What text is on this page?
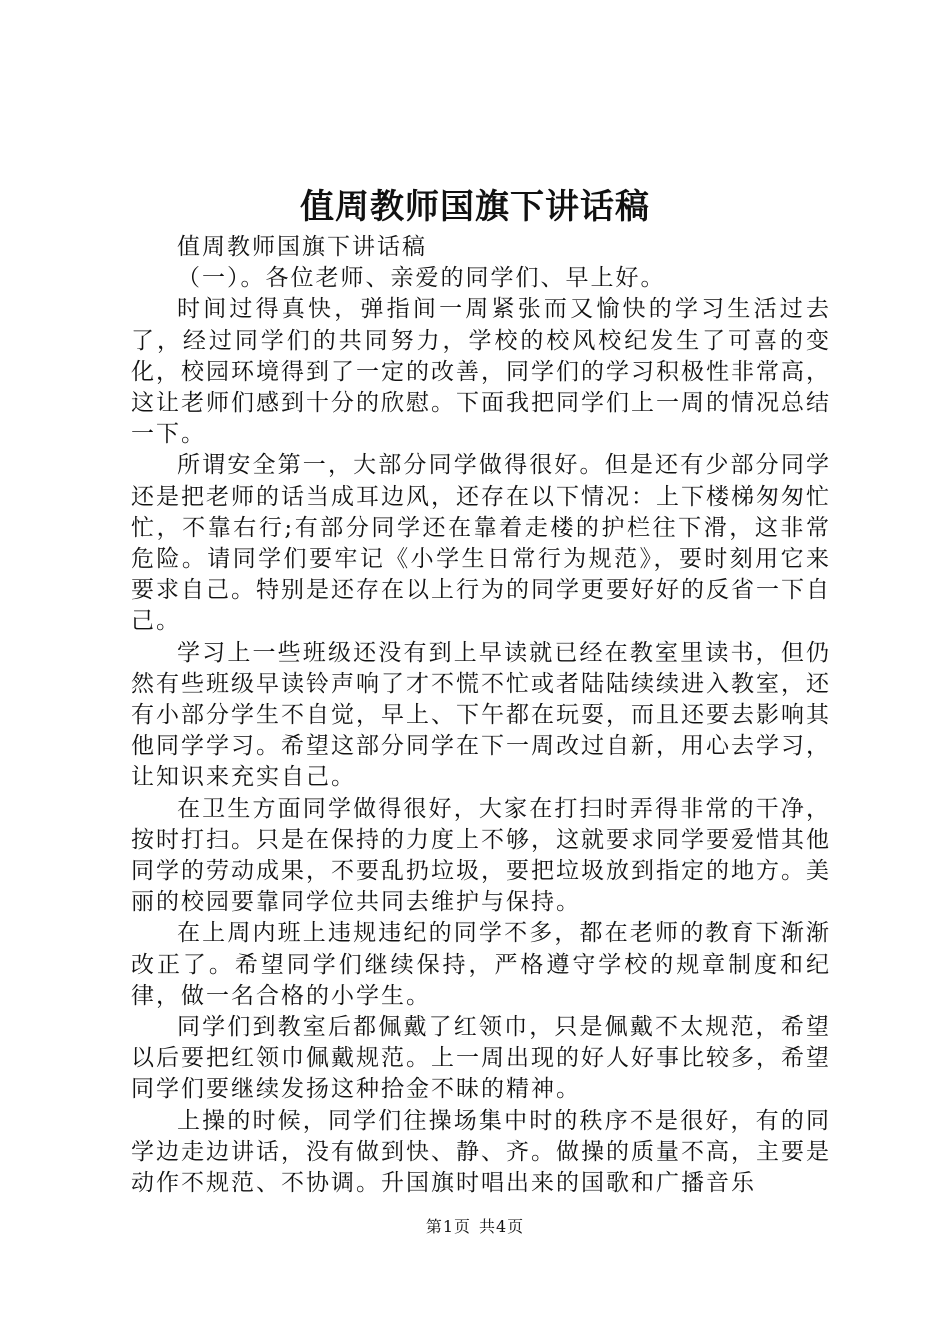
值周教师国旗下讲话稿

值周教师国旗下讲话稿

（一）。各位老师、亲爱的同学们、早上好。

时间过得真快，弹指间一周紧张而又愉快的学习生活过去了，经过同学们的共同努力，学校的校风校纪发生了可喜的变化，校园环境得到了一定的改善，同学们的学习积极性非常高，这让老师们感到十分的欣慰。下面我把同学们上一周的情况总结一下。

所谓安全第一，大部分同学做得很好。但是还有少部分同学还是把老师的话当成耳边风，还存在以下情况：上下楼梯匆匆忙忙，不靠右行;有部分同学还在靠着走楼的护栏往下滑，这非常危险。请同学们要牢记《小学生日常行为规范》，要时刻用它来要求自己。特别是还存在以上行为的同学更要好好的反省一下自己。

学习上一些班级还没有到上早读就已经在教室里读书，但仍然有些班级早读铃声响了才不慌不忙或者陆陆续续进入教室，还有小部分学生不自觉，早上、下午都在玩耍，而且还要去影响其他同学学习。希望这部分同学在下一周改过自新，用心去学习，让知识来充实自己。

在卫生方面同学做得很好，大家在打扫时弄得非常的干净，按时打扫。只是在保持的力度上不够，这就要求同学要爱惜其他同学的劳动成果，不要乱扔垃圾，要把垃圾放到指定的地方。美丽的校园要靠同学位共同去维护与保持。

在上周内班上违规违纪的同学不多，都在老师的教育下渐渐改正了。希望同学们继续保持，严格遵守学校的规章制度和纪律，做一名合格的小学生。

同学们到教室后都佩戴了红领巾，只是佩戴不太规范，希望以后要把红领巾佩戴规范。上一周出现的好人好事比较多，希望同学们要继续发扬这种拾金不昧的精神。

上操的时候，同学们往操场集中时的秩序不是很好，有的同学边走边讲话，没有做到快、静、齐。做操的质量不高，主要是动作不规范、不协调。升国旗时唱出来的国歌和广播音乐

第1页 共4页
